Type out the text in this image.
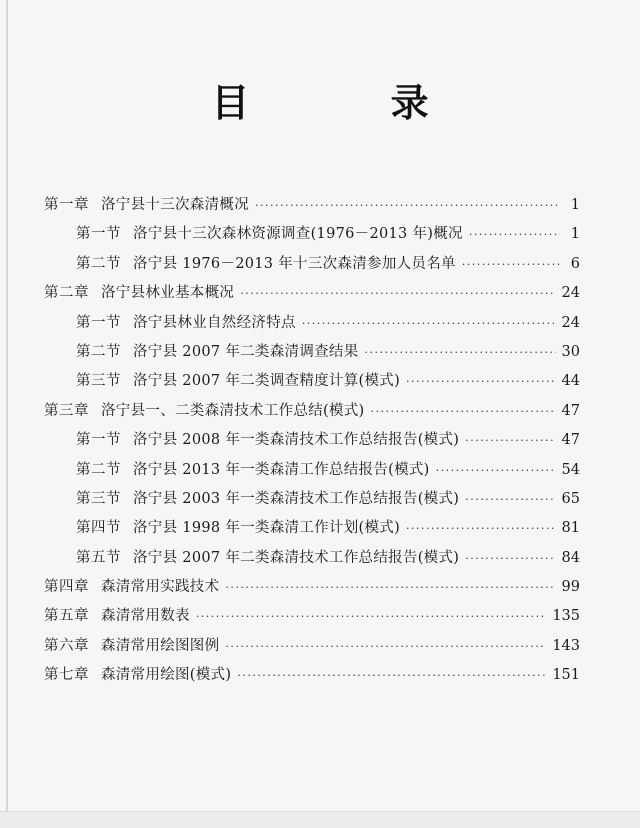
目 录
第一章 洛宁县十三次森清概况 ·····	1
第一节 洛宁县十三次森林资源调查(1976－2013 年)概况 ·····	1
第二节 洛宁县 1976－2013 年十三次森清参加人员名单 ·····	6
第二章 洛宁县林业基本概况 ·····	24
第一节 洛宁县林业自然经济特点 ·····	24
第二节 洛宁县 2007 年二类森清调查结果 ·····	30
第三节 洛宁县 2007 年二类调查精度计算(模式) ·····	44
第三章 洛宁县一、二类森清技术工作总结(模式) ·····	47
第一节 洛宁县 2008 年一类森清技术工作总结报告(模式) ·····	47
第二节 洛宁县 2013 年一类森清工作总结报告(模式) ·····	54
第三节 洛宁县 2003 年一类森清技术工作总结报告(模式) ·····	65
第四节 洛宁县 1998 年一类森清工作计划(模式) ·····	81
第五节 洛宁县 2007 年二类森清技术工作总结报告(模式) ·····	84
第四章 森清常用实践技术 ·····	99
第五章 森清常用数表 ·····	135
第六章 森清常用绘图图例 ·····	143
第七章 森清常用绘图(模式) ·····	151
